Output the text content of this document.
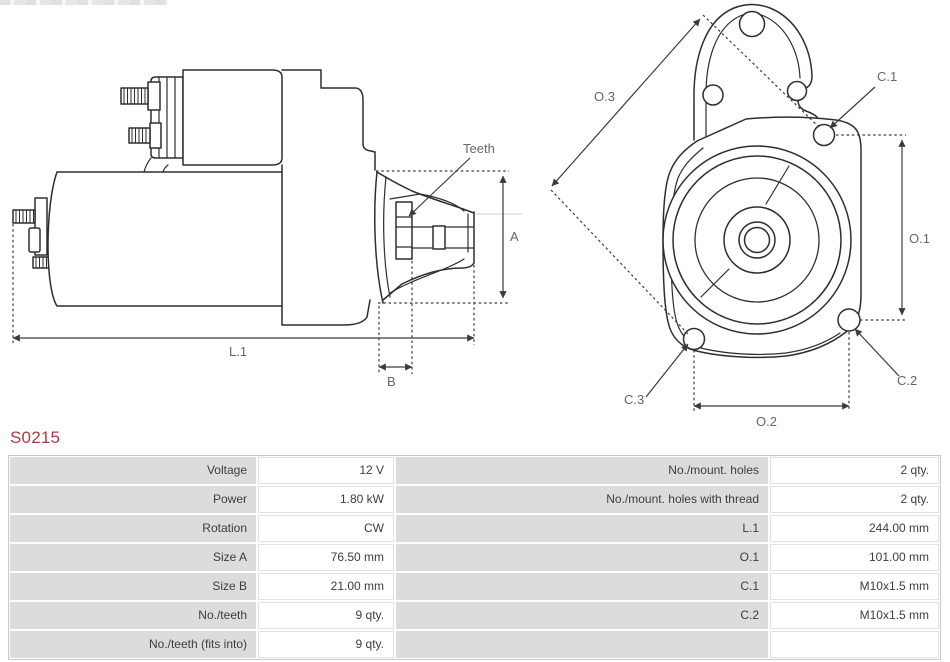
Teeth
A
B
L.1
O.3
O.1
O.2
C.1
C.2
C.3
S0215
Voltage	12 V	No./mount. holes	2 qty.
Power	1.80 kW	No./mount. holes with thread	2 qty.
Rotation	CW	L.1	244.00 mm
Size A	76.50 mm	O.1	101.00 mm
Size B	21.00 mm	C.1	M10x1.5 mm
No./teeth	9 qty.	C.2	M10x1.5 mm
No./teeth (fits into)	9 qty.
